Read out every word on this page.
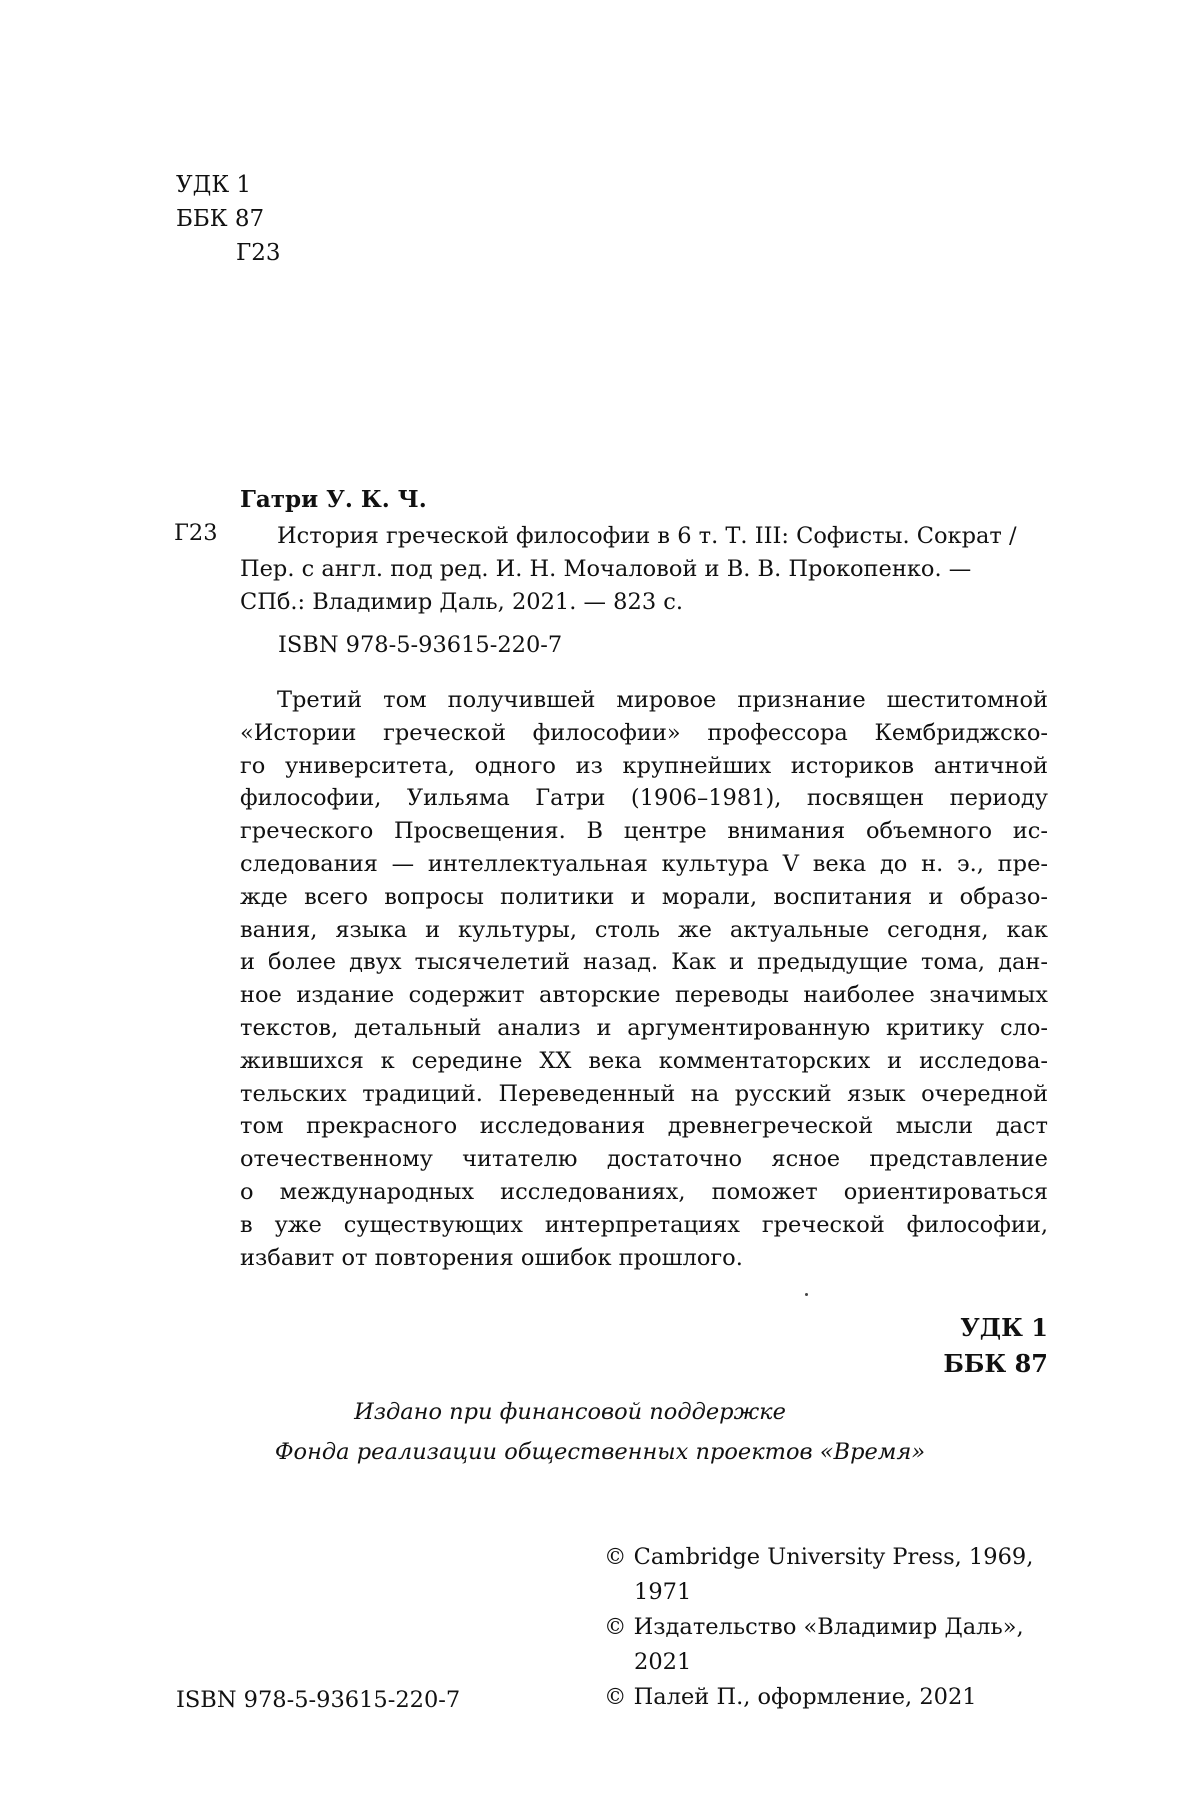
УДК 1
ББК 87
Г23
Гатри У. К. Ч.
Г23	История греческой философии в 6 т. Т. III: Софисты. Сократ /
Пер. с англ. под ред. И. Н. Мочаловой и В. В. Прокопенко. —
СПб.: Владимир Даль, 2021. — 823 с.
ISBN 978-5-93615-220-7
Третий том получившей мировое признание шеститомной
«Истории греческой философии» профессора Кембриджско-
го университета, одного из крупнейших историков античной
философии, Уильяма Гатри (1906–1981), посвящен периоду
греческого Просвещения. В центре внимания объемного ис-
следования — интеллектуальная культура V века до н. э., пре-
жде всего вопросы политики и морали, воспитания и образо-
вания, языка и культуры, столь же актуальные сегодня, как
и более двух тысячелетий назад. Как и предыдущие тома, дан-
ное издание содержит авторские переводы наиболее значимых
текстов, детальный анализ и аргументированную критику сло-
жившихся к середине XX века комментаторских и исследова-
тельских традиций. Переведенный на русский язык очередной
том прекрасного исследования древнегреческой мысли даст
отечественному читателю достаточно ясное представление
о международных исследованиях, поможет ориентироваться
в уже существующих интерпретациях греческой философии,
избавит от повторения ошибок прошлого.
УДК 1
ББК 87
Издано при финансовой поддержке
Фонда реализации общественных проектов «Время»
© Cambridge University Press, 1969,
1971
© Издательство «Владимир Даль»,
2021
© Палей П., оформление, 2021
ISBN 978-5-93615-220-7
